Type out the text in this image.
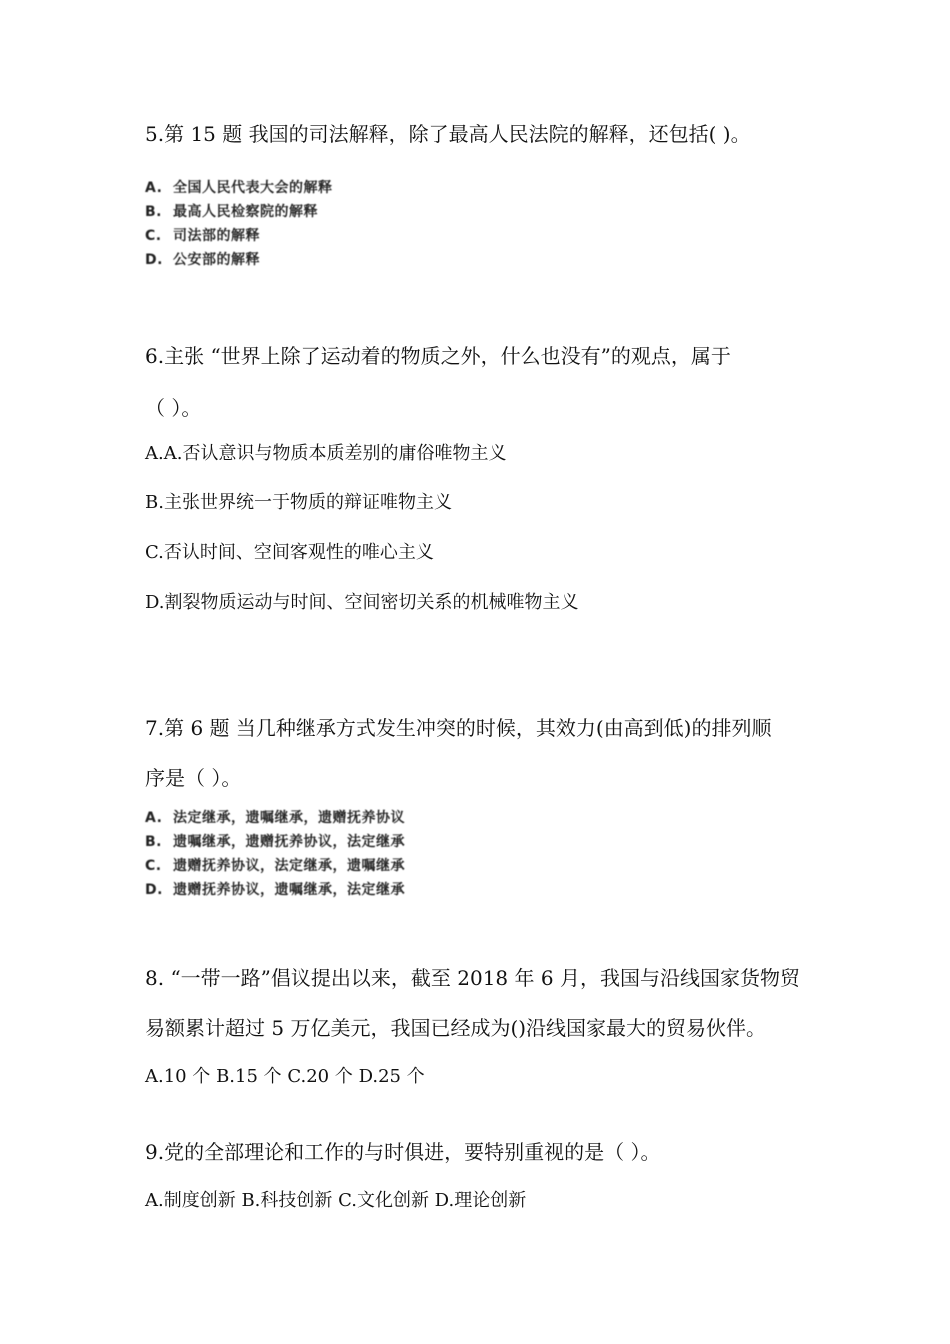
5.第 15 题 我国的司法解释，除了最高人民法院的解释，还包括( )。

A. 全国人民代表大会的解释
B. 最高人民检察院的解释
C. 司法部的解释
D. 公安部的解释

6.主张 “世界上除了运动着的物质之外，什么也没有”的观点，属于

（ ）。

A.A.否认意识与物质本质差别的庸俗唯物主义

B.主张世界统一于物质的辩证唯物主义

C.否认时间、空间客观性的唯心主义

D.割裂物质运动与时间、空间密切关系的机械唯物主义

7.第 6 题 当几种继承方式发生冲突的时候，其效力(由高到低)的排列顺

序是（ ）。

A. 法定继承，遗嘱继承，遗赠抚养协议
B. 遗嘱继承，遗赠抚养协议，法定继承
C. 遗赠抚养协议，法定继承，遗嘱继承
D. 遗赠抚养协议，遗嘱继承，法定继承

8. “一带一路”倡议提出以来，截至 2018 年 6 月，我国与沿线国家货物贸

易额累计超过 5 万亿美元，我国已经成为()沿线国家最大的贸易伙伴。

A.10 个 B.15 个 C.20 个 D.25 个

9.党的全部理论和工作的与时俱进，要特别重视的是（ ）。

A.制度创新 B.科技创新 C.文化创新 D.理论创新
